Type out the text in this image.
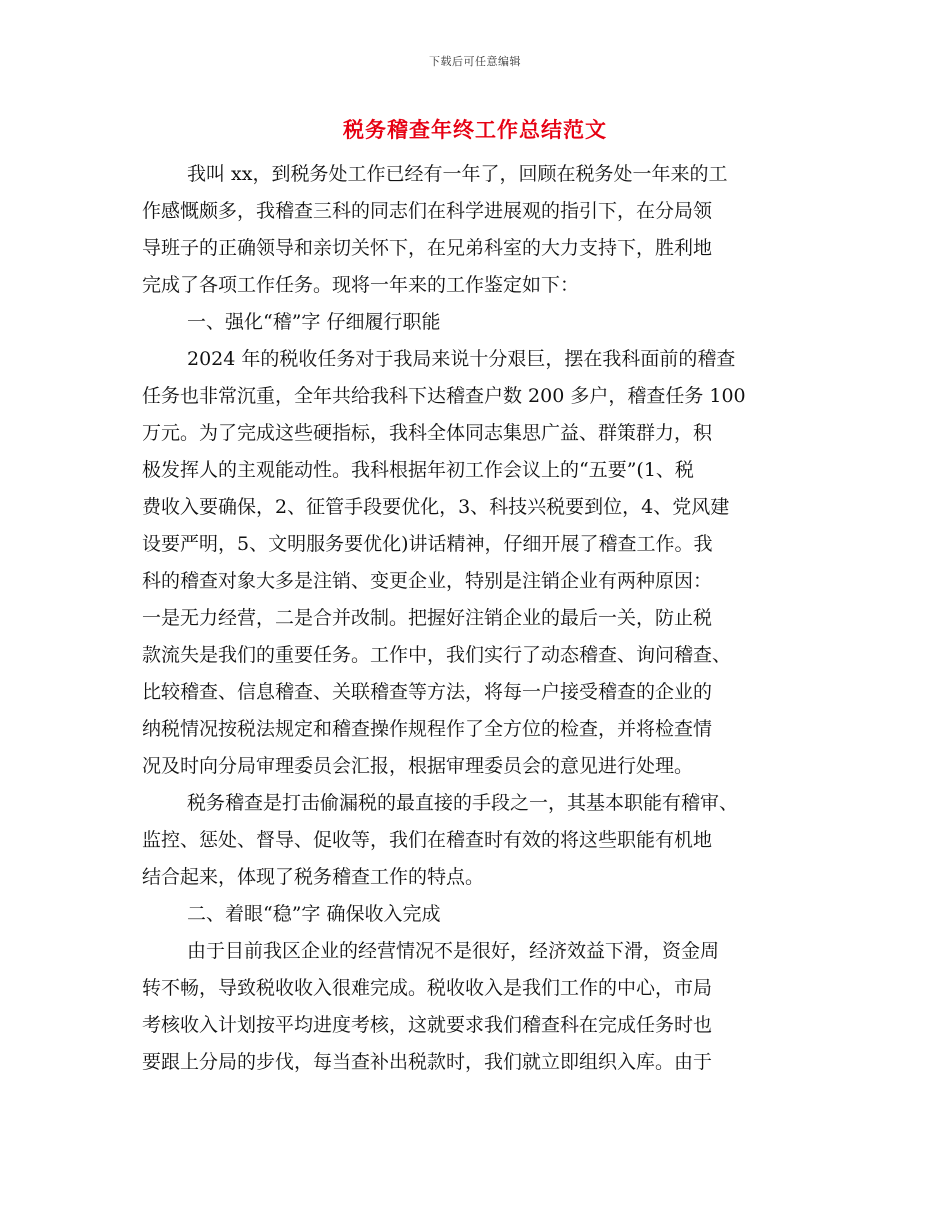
下载后可任意编辑
税务稽查年终工作总结范文
我叫 xx，到税务处工作已经有一年了，回顾在税务处一年来的工
作感慨颇多，我稽查三科的同志们在科学进展观的指引下，在分局领
导班子的正确领导和亲切关怀下，在兄弟科室的大力支持下，胜利地
完成了各项工作任务。现将一年来的工作鉴定如下：
一、强化“稽”字 仔细履行职能
2024 年的税收任务对于我局来说十分艰巨，摆在我科面前的稽查
任务也非常沉重，全年共给我科下达稽查户数 200 多户，稽查任务 100
万元。为了完成这些硬指标，我科全体同志集思广益、群策群力，积
极发挥人的主观能动性。我科根据年初工作会议上的“五要”(1、税
费收入要确保，2、征管手段要优化，3、科技兴税要到位，4、党风建
设要严明，5、文明服务要优化)讲话精神，仔细开展了稽查工作。我
科的稽查对象大多是注销、变更企业，特别是注销企业有两种原因：
一是无力经营，二是合并改制。把握好注销企业的最后一关，防止税
款流失是我们的重要任务。工作中，我们实行了动态稽查、询问稽查、
比较稽查、信息稽查、关联稽查等方法，将每一户接受稽查的企业的
纳税情况按税法规定和稽查操作规程作了全方位的检查，并将检查情
况及时向分局审理委员会汇报，根据审理委员会的意见进行处理。
税务稽查是打击偷漏税的最直接的手段之一，其基本职能有稽审、
监控、惩处、督导、促收等，我们在稽查时有效的将这些职能有机地
结合起来，体现了税务稽查工作的特点。
二、着眼“稳”字 确保收入完成
由于目前我区企业的经营情况不是很好，经济效益下滑，资金周
转不畅，导致税收收入很难完成。税收收入是我们工作的中心，市局
考核收入计划按平均进度考核，这就要求我们稽查科在完成任务时也
要跟上分局的步伐，每当查补出税款时，我们就立即组织入库。由于
